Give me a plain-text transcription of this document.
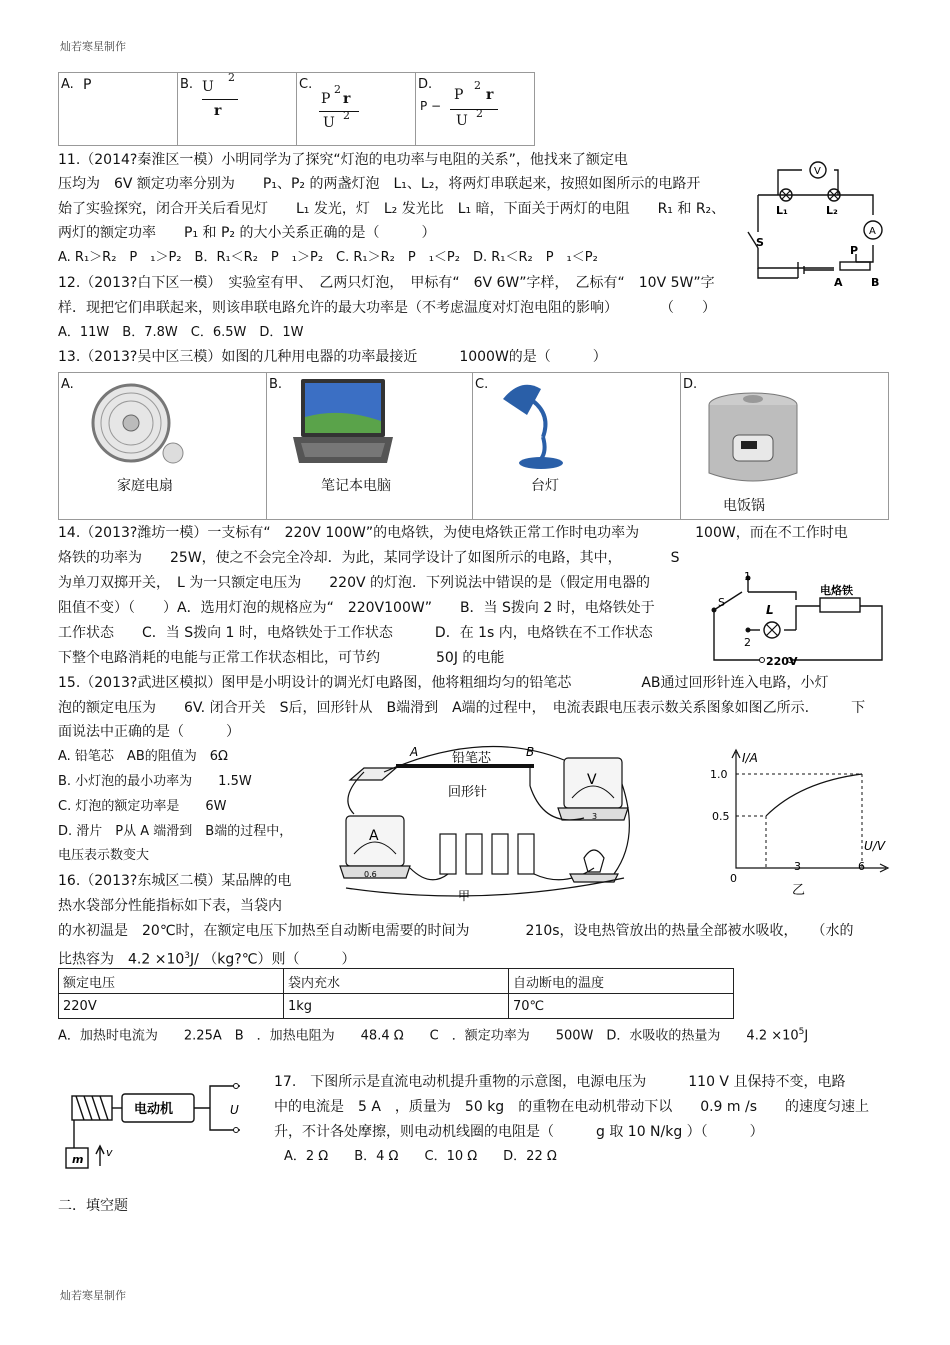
灿若寒星制作
A. P	B. U
2
r

C.
P
2
r
U 2

D.
P −
P
2
r
U 2
11.（2014?秦淮区一模）小明同学为了探究“灯泡的电功率与电阻的关系”，他找来了额定电
压均为　6V 额定功率分别为　　P₁、P₂ 的两盏灯泡　L₁、L₂，将两灯串联起来，按照如图所示的电路开
始了实验探究，闭合开关后看见灯　　L₁ 发光，灯　L₂ 发光比　L₁ 暗，下面关于两灯的电阻　　R₁ 和 R₂、
两灯的额定功率　　P₁ 和 P₂ 的大小关系正确的是（　　　）
A. R₁＞R₂　P　₁＞P₂　B．R₁＜R₂　P　₁＞P₂　C. R₁＞R₂　P　₁＜P₂　D. R₁＜R₂　P　₁＜P₂
V
A
L₁	L₂
S
P
A	B
12.（2013?白下区一模）　实验室有甲、　乙两只灯泡，　甲标有“　6V 6W”字样，　乙标有“　10V 5W”字
样．现把它们串联起来，则该串联电路允许的最大功率是（不考虑温度对灯泡电阻的影响）　　　　（　　）
A．11W　B．7.8W　C．6.5W　D．1W
13.（2013?吴中区三模）如图的几种用电器的功率最接近　　　1000W的是（　　　）
A.
家庭电扇

B.
笔记本电脑

C.
台灯

D.
电饭锅
14.（2013?潍坊一模）一支标有“　220V 100W”的电烙铁，为使电烙铁正常工作时电功率为　　　　100W，而在不工作时电
烙铁的功率为　　25W，使之不会完全冷却．为此，某同学设计了如图所示的电路，其中，　　　　S
为单刀双掷开关，　L 为一只额定电压为　　220V 的灯泡．下列说法中错误的是（假定用电器的
阻值不变）（　　）A．选用灯泡的规格应为“　220V100W”　　B．当 S拨向 2 时，电烙铁处于
工作状态　　C．当 S拨向 1 时，电烙铁处于工作状态　　　D．在 1s 内，电烙铁在不工作状态
下整个电路消耗的电能与正常工作状态相比，可节约　　　　50J 的电能
1
2
S
L
电烙铁
220V
15.（2013?武进区模拟）图甲是小明设计的调光灯电路图，他将粗细均匀的铅笔芯　　　　　AB通过回形针连入电路，小灯
泡的额定电压为　　6V. 闭合开关　S后，回形针从　B端滑到　A端的过程中，　电流表跟电压表示数关系图象如图乙所示.　　　下
面说法中正确的是（　　　）
A. 铅笔芯　AB的阻值为　6Ω
B. 小灯泡的最小功率为　　1.5W
C. 灯泡的额定功率是　　6W
D. 滑片　P从 A 端滑到　B端的过程中，
电压表示数变大
A	B
铅笔芯
回形针
A
V
0.6
3
甲
I/A
U/V
1.0
0.5
0
3	6
乙
16.（2013?东城区二模）某品牌的电
热水袋部分性能指标如下表，当袋内
的水初温是　20℃时，在额定电压下加热至自动断电需要的时间为　　　　210s，设电热管放出的热量全部被水吸收，　　（水的
比热容为　$4.2 \times 10^3J/$ （kg?℃）则（　　　）
额定电压	袋内充水	自动断电的温度
220V	1kg	70℃
A．加热时电流为　　2.25A　B　．加热电阻为　　48.4 Ω　　C　．额定功率为　　500W　D．水吸收的热量为　　$4.2 \times 10^5J$
电动机	U
m
v
17.　下图所示是直流电动机提升重物的示意图，电源电压为　　　110 V 且保持不变，电路
中的电流是　5 A　，质量为　50 kg　的重物在电动机带动下以　　0.9 m /s　　的速度匀速上
升，不计各处摩擦，则电动机线圈的电阻是（　　　g 取 10 N/kg ）（　　　）
A．2 Ω　　B．4 Ω　　C．10 Ω　　D．22 Ω
二．填空题
灿若寒星制作
